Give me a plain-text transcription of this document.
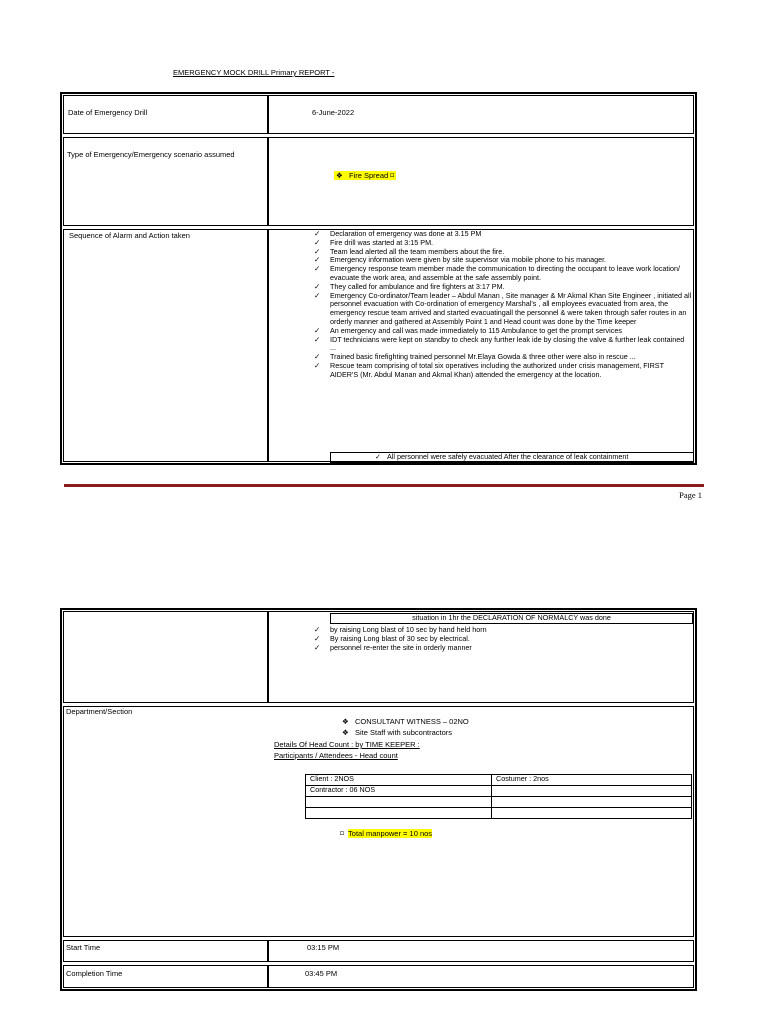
EMERGENCY MOCK DRILL Primary REPORT -
Date of Emergency Drill	6-June-2022
Type of Emergency/Emergency scenario assumed
❖ Fire Spread ⌑
Sequence of Alarm and Action taken	✓ Declaration of emergency was done at 3.15 PM
✓ Fire drill was started at 3:15 PM.
✓ Team lead alerted all the team members about the fire.
✓ Emergency information were given by site supervisor via mobile phone to his manager.
✓ Emergency response team member made the communication to directing the occupant to leave work location/ evacuate the work area, and assemble at the safe assembly point.
✓ They called for ambulance and fire fighters at 3:17 PM.
✓ Emergency Co-ordinator/Team leader – Abdul Manan , Site manager & Mr Akmal Khan Site Engineer , initiated all personnel evacuation with Co-ordination of emergency Marshal's , all employees evacuated from area, the emergency rescue team arrived and started evacuatingall the personnel & were taken through safer routes in an orderly manner and gathered at Assembly Point 1 and Head count was done by the Time keeper
✓ An emergency and call was made immediately to 115 Ambulance to get the prompt services
✓ IDT technicians were kept on standby to check any further leak ide by closing the valve & further leak contained ...
✓ Trained basic firefighting trained personnel Mr.Elaya Gowda & three other were also in rescue ...
✓ Rescue team comprising of total six operatives including the authorized under crisis management, FIRST AIDER'S (Mr. Abdul Manan and Akmal Khan) attended the emergency at the location.
✓ All personnel were safely evacuated After the clearance of leak containment
Page 1
situation in 1hr the DECLARATION OF NORMALCY was done
✓ by raising Long blast of 10 sec by hand held horn
✓ By raising Long blast of 30 sec by electrical.
✓ personnel re-enter the site in orderly manner
Department/Section
❖ CONSULTANT WITNESS – 02NO
❖ Site Staff with subcontractors
Details Of Head Count : by TIME KEEPER :
Participants / Attendees - Head count
Client : 2NOS	Costumer : 2nos
Contractor : 06 NOS	

⌑ Total manpower = 10 nos
Start Time	03:15 PM
Completion Time	03:45 PM
